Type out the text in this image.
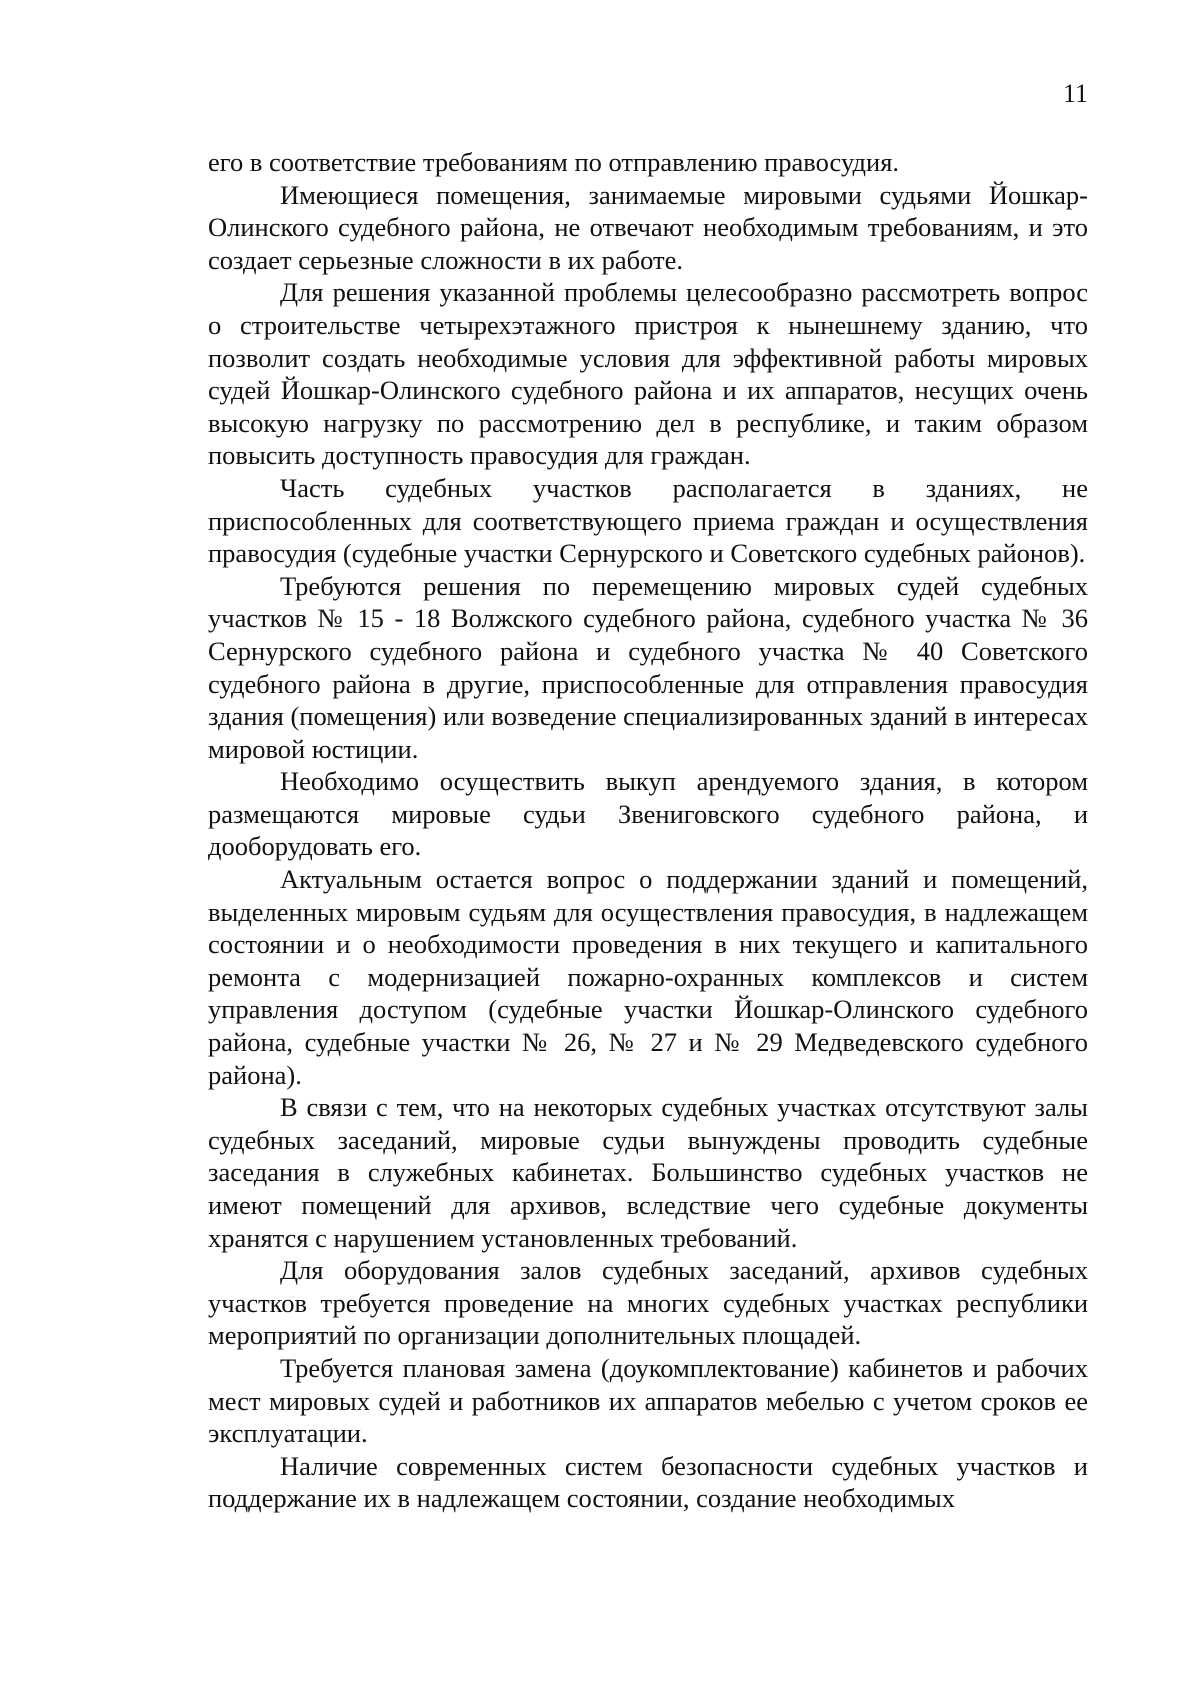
11

его в соответствие требованиям по отправлению правосудия.

Имеющиеся помещения, занимаемые мировыми судьями Йошкар-Олинского судебного района, не отвечают необходимым требованиям, и это создает серьезные сложности в их работе.

Для решения указанной проблемы целесообразно рассмотреть вопрос о строительстве четырехэтажного пристроя к нынешнему зданию, что позволит создать необходимые условия для эффективной работы мировых судей Йошкар-Олинского судебного района и их аппаратов, несущих очень высокую нагрузку по рассмотрению дел в республике, и таким образом повысить доступность правосудия для граждан.

Часть судебных участков располагается в зданиях, не приспособленных для соответствующего приема граждан и осуществления правосудия (судебные участки Сернурского и Советского судебных районов).

Требуются решения по перемещению мировых судей судебных участков № 15 - 18 Волжского судебного района, судебного участка № 36 Сернурского судебного района и судебного участка № 40 Советского судебного района в другие, приспособленные для отправления правосудия здания (помещения) или возведение специализированных зданий в интересах мировой юстиции.

Необходимо осуществить выкуп арендуемого здания, в котором размещаются мировые судьи Звениговского судебного района, и дооборудовать его.

Актуальным остается вопрос о поддержании зданий и помещений, выделенных мировым судьям для осуществления правосудия, в надлежащем состоянии и о необходимости проведения в них текущего и капитального ремонта с модернизацией пожарно-охранных комплексов и систем управления доступом (судебные участки Йошкар-Олинского судебного района, судебные участки № 26, № 27 и № 29 Медведевского судебного района).

В связи с тем, что на некоторых судебных участках отсутствуют залы судебных заседаний, мировые судьи вынуждены проводить судебные заседания в служебных кабинетах. Большинство судебных участков не имеют помещений для архивов, вследствие чего судебные документы хранятся с нарушением установленных требований.

Для оборудования залов судебных заседаний, архивов судебных участков требуется проведение на многих судебных участках республики мероприятий по организации дополнительных площадей.

Требуется плановая замена (доукомплектование) кабинетов и рабочих мест мировых судей и работников их аппаратов мебелью с учетом сроков ее эксплуатации.

Наличие современных систем безопасности судебных участков и поддержание их в надлежащем состоянии, создание необходимых
